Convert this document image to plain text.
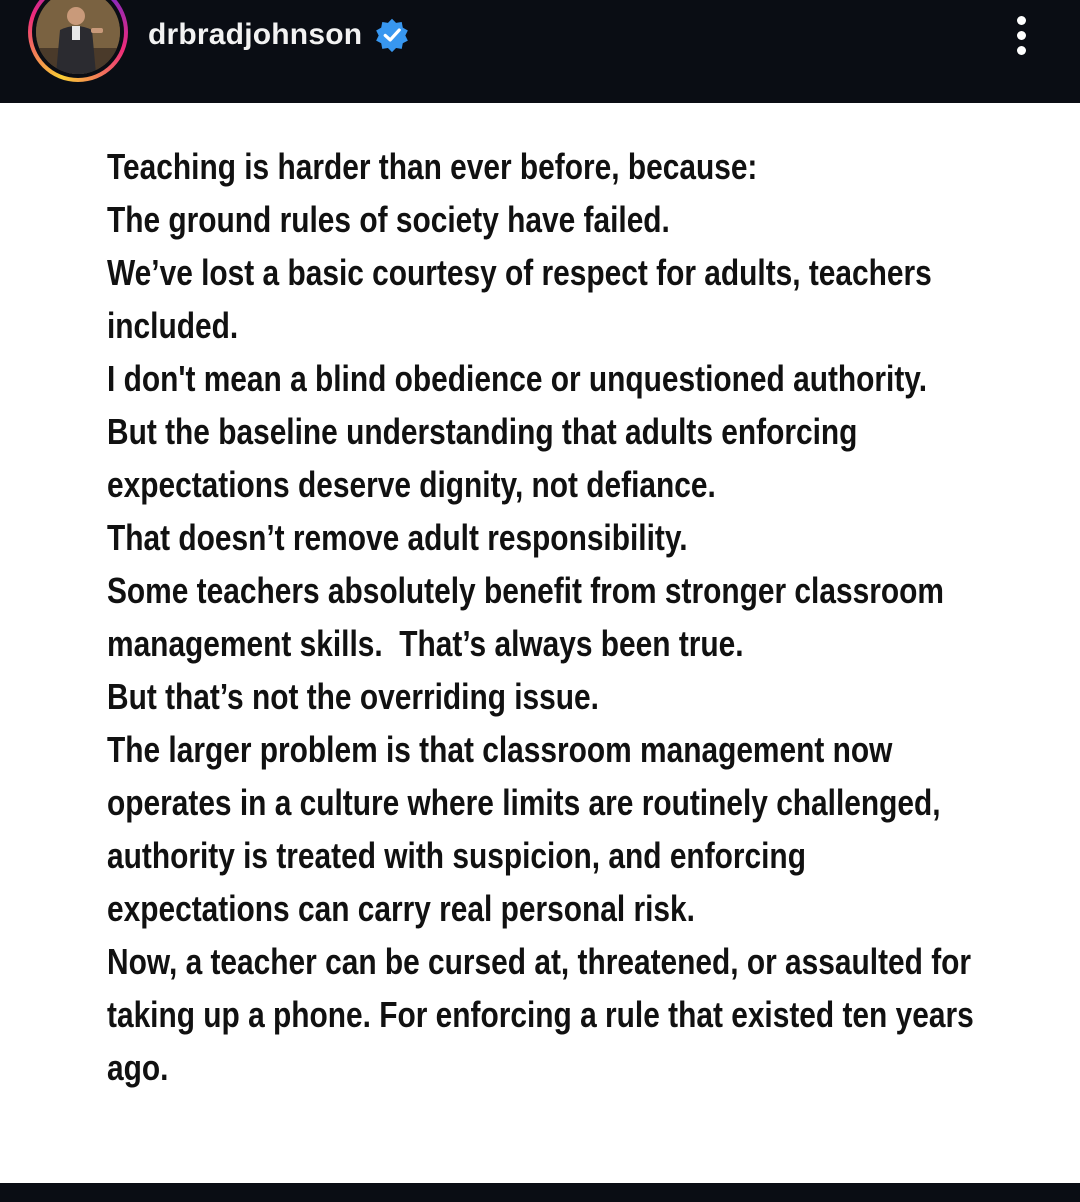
drbradjohnson
Teaching is harder than ever before, because:
The ground rules of society have failed.
We’ve lost a basic courtesy of respect for adults, teachers
included.
I don't mean a blind obedience or unquestioned authority.
But the baseline understanding that adults enforcing
expectations deserve dignity, not defiance.
That doesn’t remove adult responsibility.
Some teachers absolutely benefit from stronger classroom
management skills.  That’s always been true.
But that’s not the overriding issue.
The larger problem is that classroom management now
operates in a culture where limits are routinely challenged,
authority is treated with suspicion, and enforcing
expectations can carry real personal risk.
Now, a teacher can be cursed at, threatened, or assaulted for
taking up a phone. For enforcing a rule that existed ten years
ago.
